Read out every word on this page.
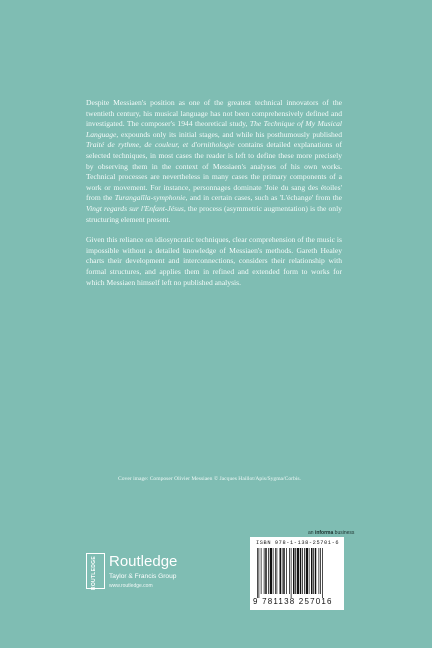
Despite Messiaen's position as one of the greatest technical innovators of the twentieth century, his musical language has not been comprehensively defined and investigated. The composer's 1944 theoretical study, The Technique of My Musical Language, expounds only its initial stages, and while his posthumously published Traité de rythme, de couleur, et d'ornithologie contains detailed explanations of selected techniques, in most cases the reader is left to define these more precisely by observing them in the context of Messiaen's analyses of his own works. Technical processes are nevertheless in many cases the primary components of a work or movement. For instance, personnages dominate 'Joie du sang des étoiles' from the Turangalîla-symphonie, and in certain cases, such as 'L'échange' from the Vingt regards sur l'Enfant-Jésus, the process (asymmetric augmentation) is the only structuring element present.

Given this reliance on idiosyncratic techniques, clear comprehension of the music is impossible without a detailed knowledge of Messiaen's methods. Gareth Healey charts their development and interconnections, considers their relationship with formal structures, and applies them in refined and extended form to works for which Messiaen himself left no published analysis.

Cover image: Composer Olivier Messiaen © Jacques Haillot/Apis/Sygma/Corbis.
ROUTLEDGE Routledge
Taylor & Francis Group
www.routledge.com
an informa business
ISBN 978-1-138-25701-6
9 781138 257016
